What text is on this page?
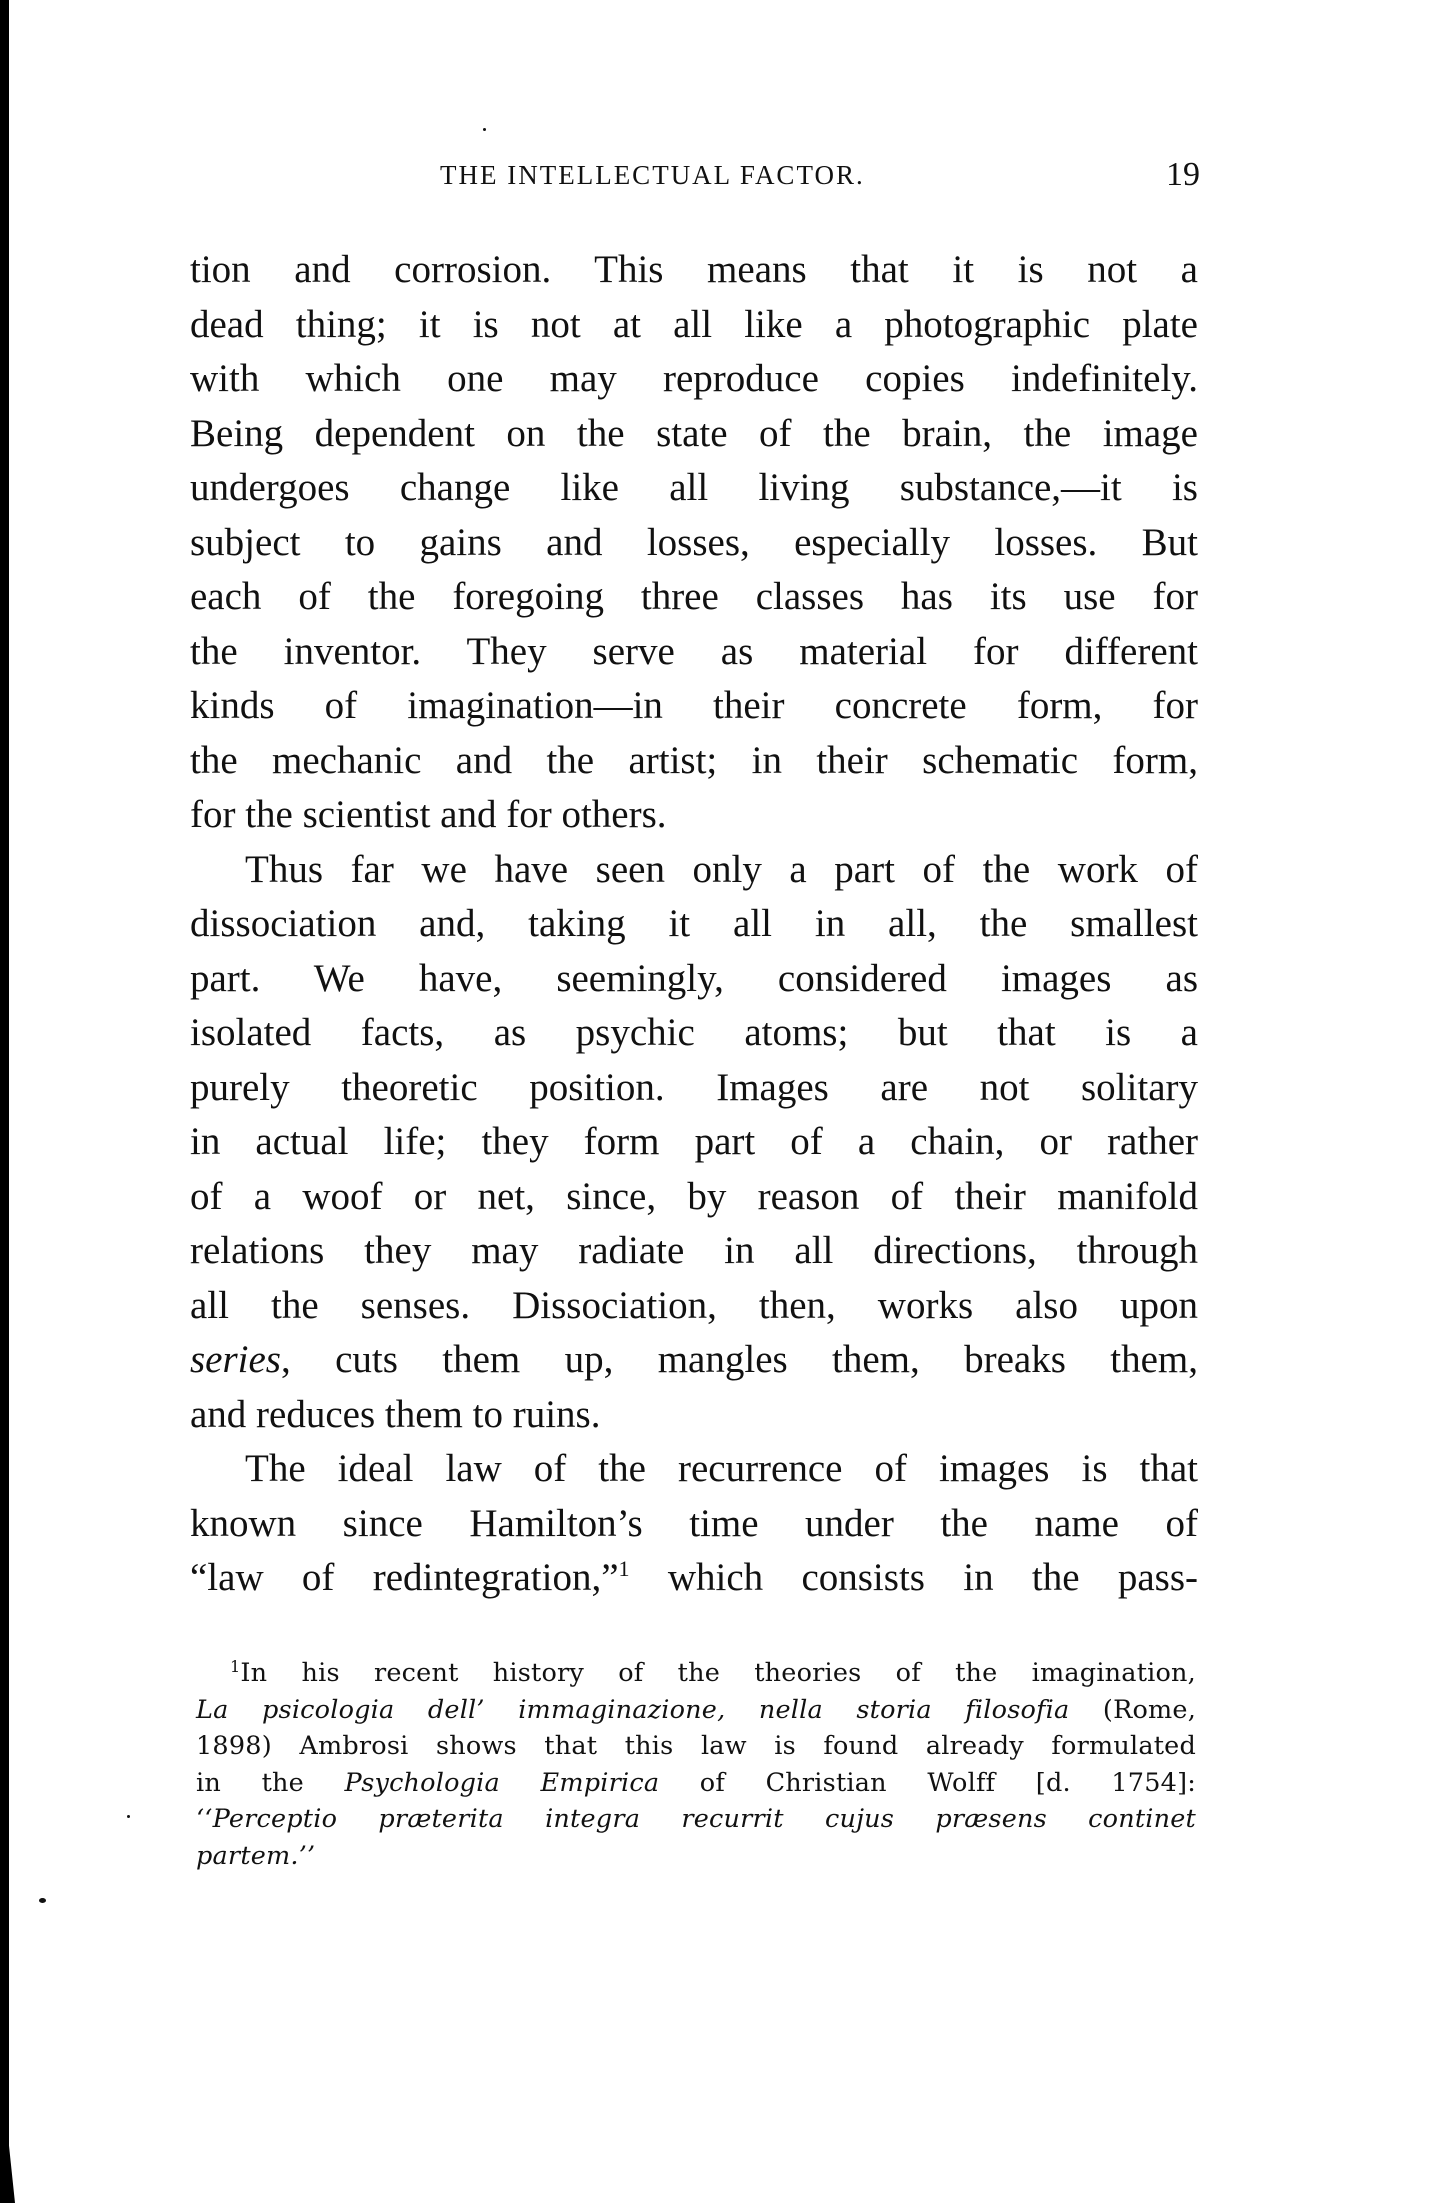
THE INTELLECTUAL FACTOR.	19
tion and corrosion. This means that it is not a
dead thing; it is not at all like a photographic plate
with which one may reproduce copies indefinitely.
Being dependent on the state of the brain, the image
undergoes change like all living substance,—it is
subject to gains and losses, especially losses. But
each of the foregoing three classes has its use for
the inventor. They serve as material for different
kinds of imagination—in their concrete form, for
the mechanic and the artist; in their schematic form,
for the scientist and for others.
Thus far we have seen only a part of the work of
dissociation and, taking it all in all, the smallest
part. We have, seemingly, considered images as
isolated facts, as psychic atoms; but that is a
purely theoretic position. Images are not solitary
in actual life; they form part of a chain, or rather
of a woof or net, since, by reason of their manifold
relations they may radiate in all directions, through
all the senses. Dissociation, then, works also upon
series, cuts them up, mangles them, breaks them,
and reduces them to ruins.
The ideal law of the recurrence of images is that
known since Hamilton’s time under the name of
“law of redintegration,”$^1$ which consists in the pass-
$^1$In his recent history of the theories of the imagination,
La psicologia dell’ immaginazione, nella storia filosofia (Rome,
1898) Ambrosi shows that this law is found already formulated
in the Psychologia Empirica of Christian Wolff [d. 1754]:
‘‘Perceptio præterita integra recurrit cujus præsens continet
partem.’’
